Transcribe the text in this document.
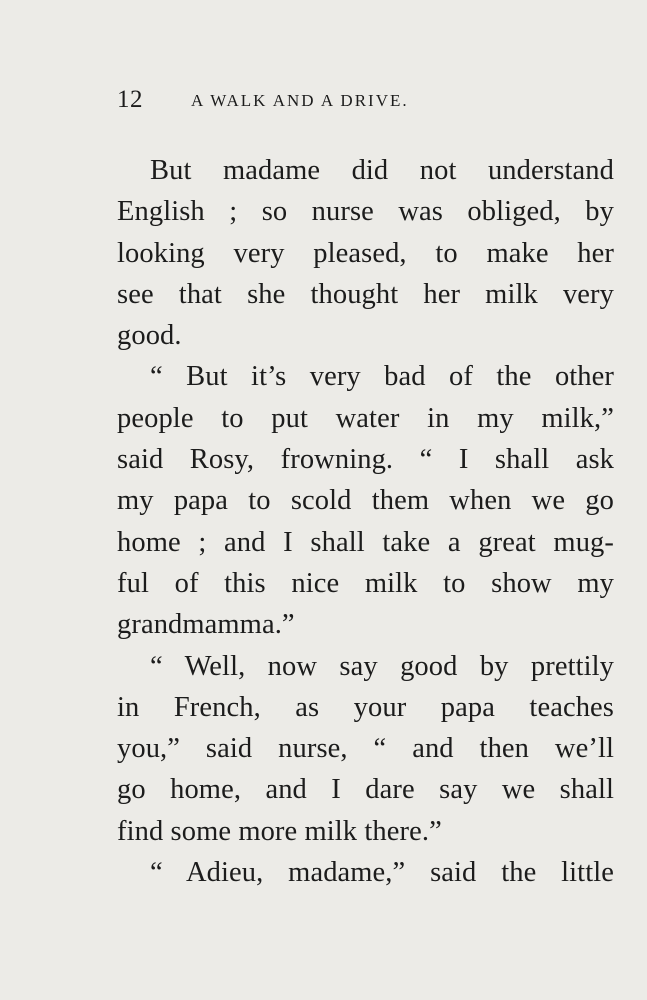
12	A WALK AND A DRIVE.
But madame did not understand
English ; so nurse was obliged, by
looking very pleased, to make her
see that she thought her milk very
good.
“ But it’s very bad of the other
people to put water in my milk,”
said Rosy, frowning. “ I shall ask
my papa to scold them when we go
home ; and I shall take a great mug-
ful of this nice milk to show my
grandmamma.”
“ Well, now say good by prettily
in French, as your papa teaches
you,” said nurse, “ and then we’ll
go home, and I dare say we shall
find some more milk there.”
“ Adieu, madame,” said the little
